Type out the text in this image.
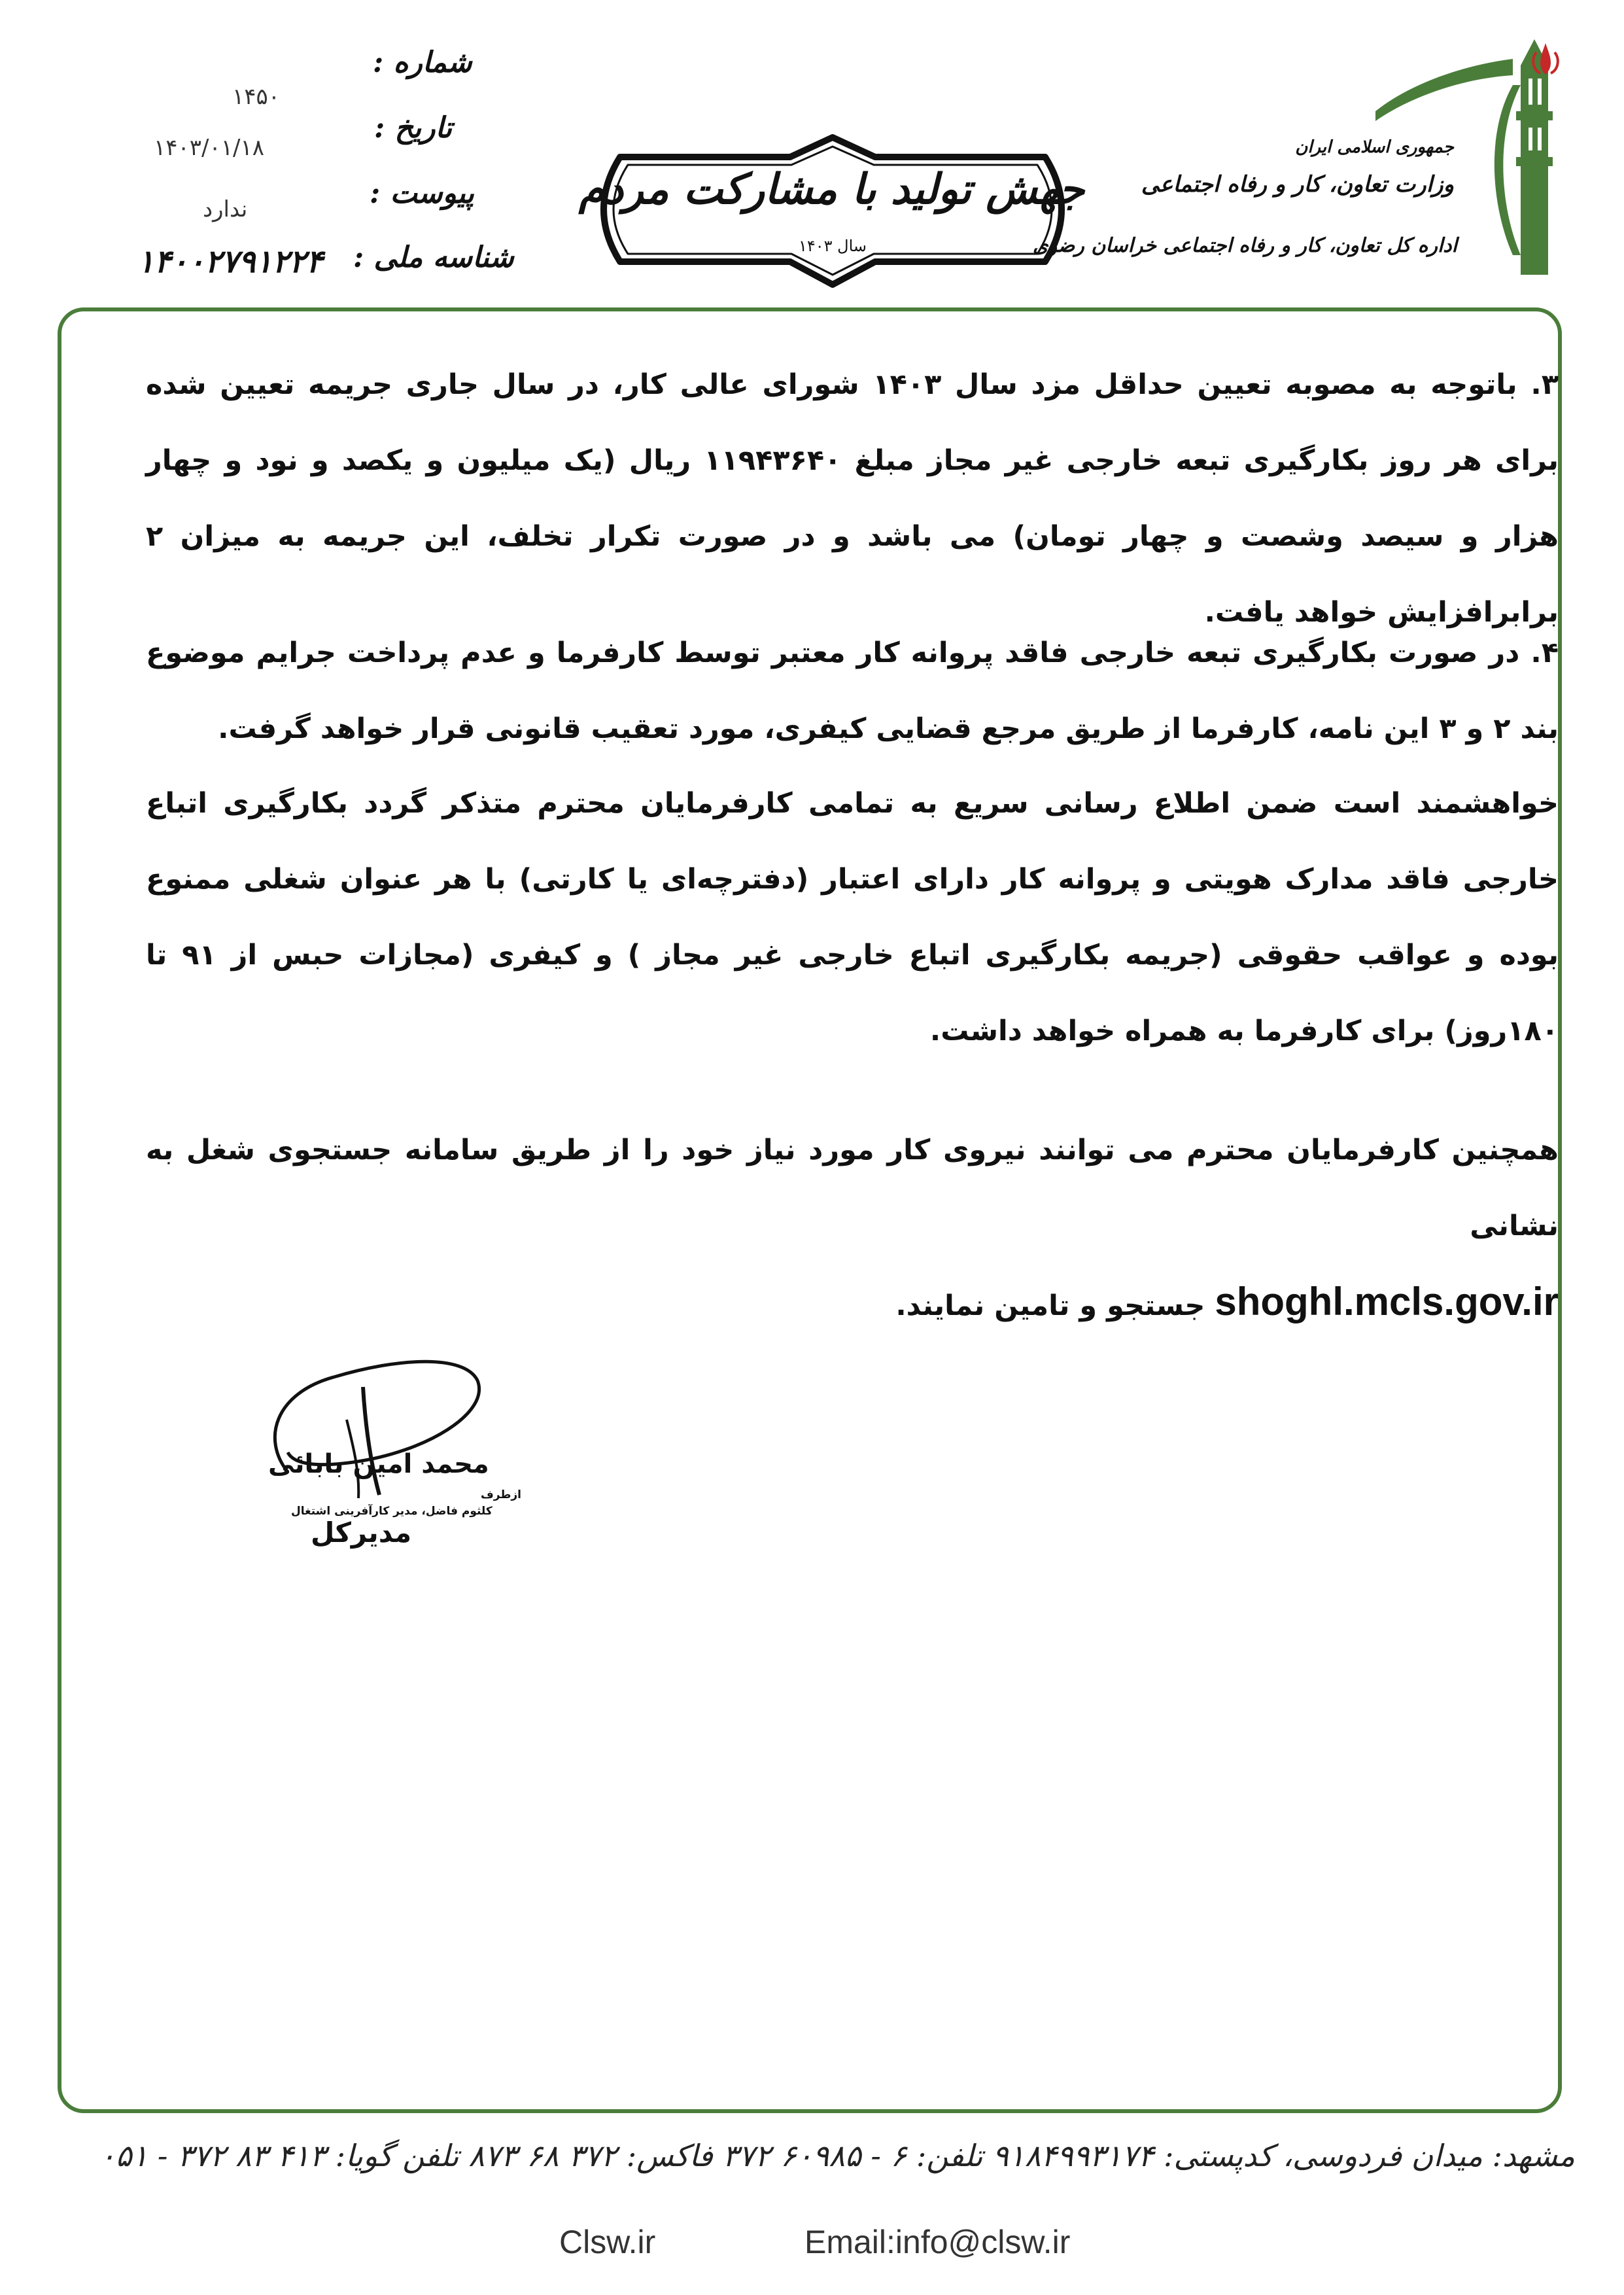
جمهوری اسلامی ایران
وزارت تعاون، کار و رفاه اجتماعی
اداره کل تعاون، کار و رفاه اجتماعی خراسان رضوی
جهش تولید با مشارکت مردم
سال ۱۴۰۳
شماره :
۱۴۵۰
تاریخ :
۱۴۰۳/۰۱/۱۸
پیوست :
ندارد
شناسه ملی :
۱۴۰۰۲۷۹۱۲۲۴
۳. باتوجه به مصوبه تعیین حداقل مزد سال ۱۴۰۳ شورای عالی کار، در سال جاری جریمه تعیین شده برای هر روز بکارگیری تبعه خارجی غیر مجاز مبلغ ۱۱۹۴۳۶۴۰ ریال (یک میلیون و یکصد و نود و چهار هزار و سیصد وشصت و چهار تومان) می باشد و در صورت تکرار تخلف، این جریمه به میزان ۲ برابرافزایش خواهد یافت.
۴. در صورت بکارگیری تبعه خارجی فاقد پروانه کار معتبر توسط کارفرما و عدم پرداخت جرایم موضوع بند ۲ و ۳ این نامه، کارفرما از طریق مرجع قضایی کیفری، مورد تعقیب قانونی قرار خواهد گرفت.
خواهشمند است ضمن اطلاع رسانی سریع به تمامی کارفرمایان محترم متذکر گردد بکارگیری اتباع خارجی فاقد مدارک هویتی و پروانه کار دارای اعتبار (دفترچه‌ای یا کارتی) با هر عنوان شغلی ممنوع بوده و عواقب حقوقی (جریمه بکارگیری اتباع خارجی غیر مجاز ) و کیفری (مجازات حبس از ۹۱ تا ۱۸۰روز) برای کارفرما به همراه خواهد داشت.
همچنین کارفرمایان محترم می توانند نیروی کار مورد نیاز خود را از طریق سامانه جستجوی شغل به نشانی
shoghl.mcls.gov.ir جستجو و تامین نمایند.
محمد امین بابائی
ازطرف
کلثوم فاضل، مدیر کارآفرینی اشتغال
مدیرکل
مشهد: میدان فردوسی، کدپستی: ۹۱۸۴۹۹۳۱۷۴ تلفن: ۶ - ۶۰۹۸۵ ۳۷۲ فاکس: ۳۷۲ ۶۸ ۸۷۳ تلفن گویا: ۴۱۳ ۸۳ ۳۷۲ - ۰۵۱
Clsw.ir	Email:info@clsw.ir
